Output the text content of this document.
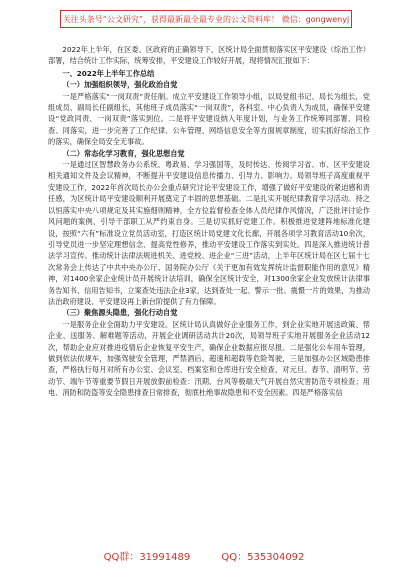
关注头条号“公文研究”，获得最新最全最专业的公文资料库！ 微信：gongwenyj

2022年上半年，在区委、区政府的正确领导下，区统计局全面贯彻落实区平安建设（综治工作）部署，结合统计工作实际，统筹安排，平安建设工作较好开展，现将情况汇报如下：

一、2022年上半年工作总结

（一）加强组织领导，强化政治自觉

一是严格落实“一岗双责”责任制。成立平安建设工作领导小组，以局党组书记、局长为组长，党组成员、副局长任副组长，其他班子成员落实“一岗双责”，各科室、中心负责人为成员，确保平安建设“党政同责、一岗双责”落实到位。二是将平安建设纳入年度计划，与业务工作统筹同部署、同检查、同落实，进一步完善了工作纪律、公车管理、网络信息安全等方面规章制度，切实抓好综治工作的落实，确保全局安全无事故。

（二）常态化学习教育，强化思想自觉

一是通过区智慧政务办公系统、粤政易、学习强国等，及时传达、传阅学习省、市、区平安建设相关通知文件及会议精神，不断提升平安建设信息传播力、引导力、影响力。局领导班子高度重视平安建设工作，2022年首次局长办公会重点研究讨论平安建设工作，增强了做好平安建设的紧迫感和责任感，为区统计局平安建设顺利开展奠定了丰固的思想基础。二是扎实开展纪律教育学习活动。持之以恒落实中央八项规定及其实施细则精神，全方位监督检查全体人员纪律作风情况，广泛批评讨论作风问题的案例，引导干部职工从严约束自身。三是切实抓好党建工作。积极推进党建阵地标准化建设，按照“六有”标准设立党员活动室，打造区统计局党建文化长廊，开展各项学习教育活动10余次，引导党员进一步坚定理想信念、提高党性修养，推动平安建设工作落实到实处。四是深入推进统计普法学习宣传。推动统计法律法规进机关、进党校、进企业“三进”活动，上半年区统计局在区七届十七次常务会上传达了中共中央办公厅、国务院办公厅《关于更加有效发挥统计监督职能作用的意见》精神，对1400余家企业统计员开展统计法培训，确保全区统计安全，对1300余家企业发放统计法律事务告知书、信用告知书，立案查处违法企业3家，达到查处一起、警示一批、震慑一片的效果，为推动法治政府建设、平安建设再上新台阶提供了有力保障。

（三）聚焦源头隐患，强化行动自觉

一是服务企业全面助力平安建设。区统计局认真做好企业服务工作，到企业实地开展送政策、帮企业、送服务、解难题等活动，开展企业调研活动共计20次，局领导班子实地开展服务企业活动12次，帮助企业应对推进疫情后企业恢复平安生产，确保企业数据应报尽报。二是强化公车用车管理，做到依法依规车，加强驾驶安全管理，严禁酒后、超速和超载等危险驾驶，三是加强办公区域隐患排查，严格执行每月对所有办公室、会议室、档案室和仓库进行安全检查，对元旦、春节、清明节、劳动节、端午节等重要节假日开展放假前检查：汛期、台风等极端天气开展自然灾害防范专项检查；用电、消防和防盗等安全隐患排查日常排查，彻底杜绝事故隐患和不安全因素。四是严格落实信

QQ群：31991489	QQ：535304092
